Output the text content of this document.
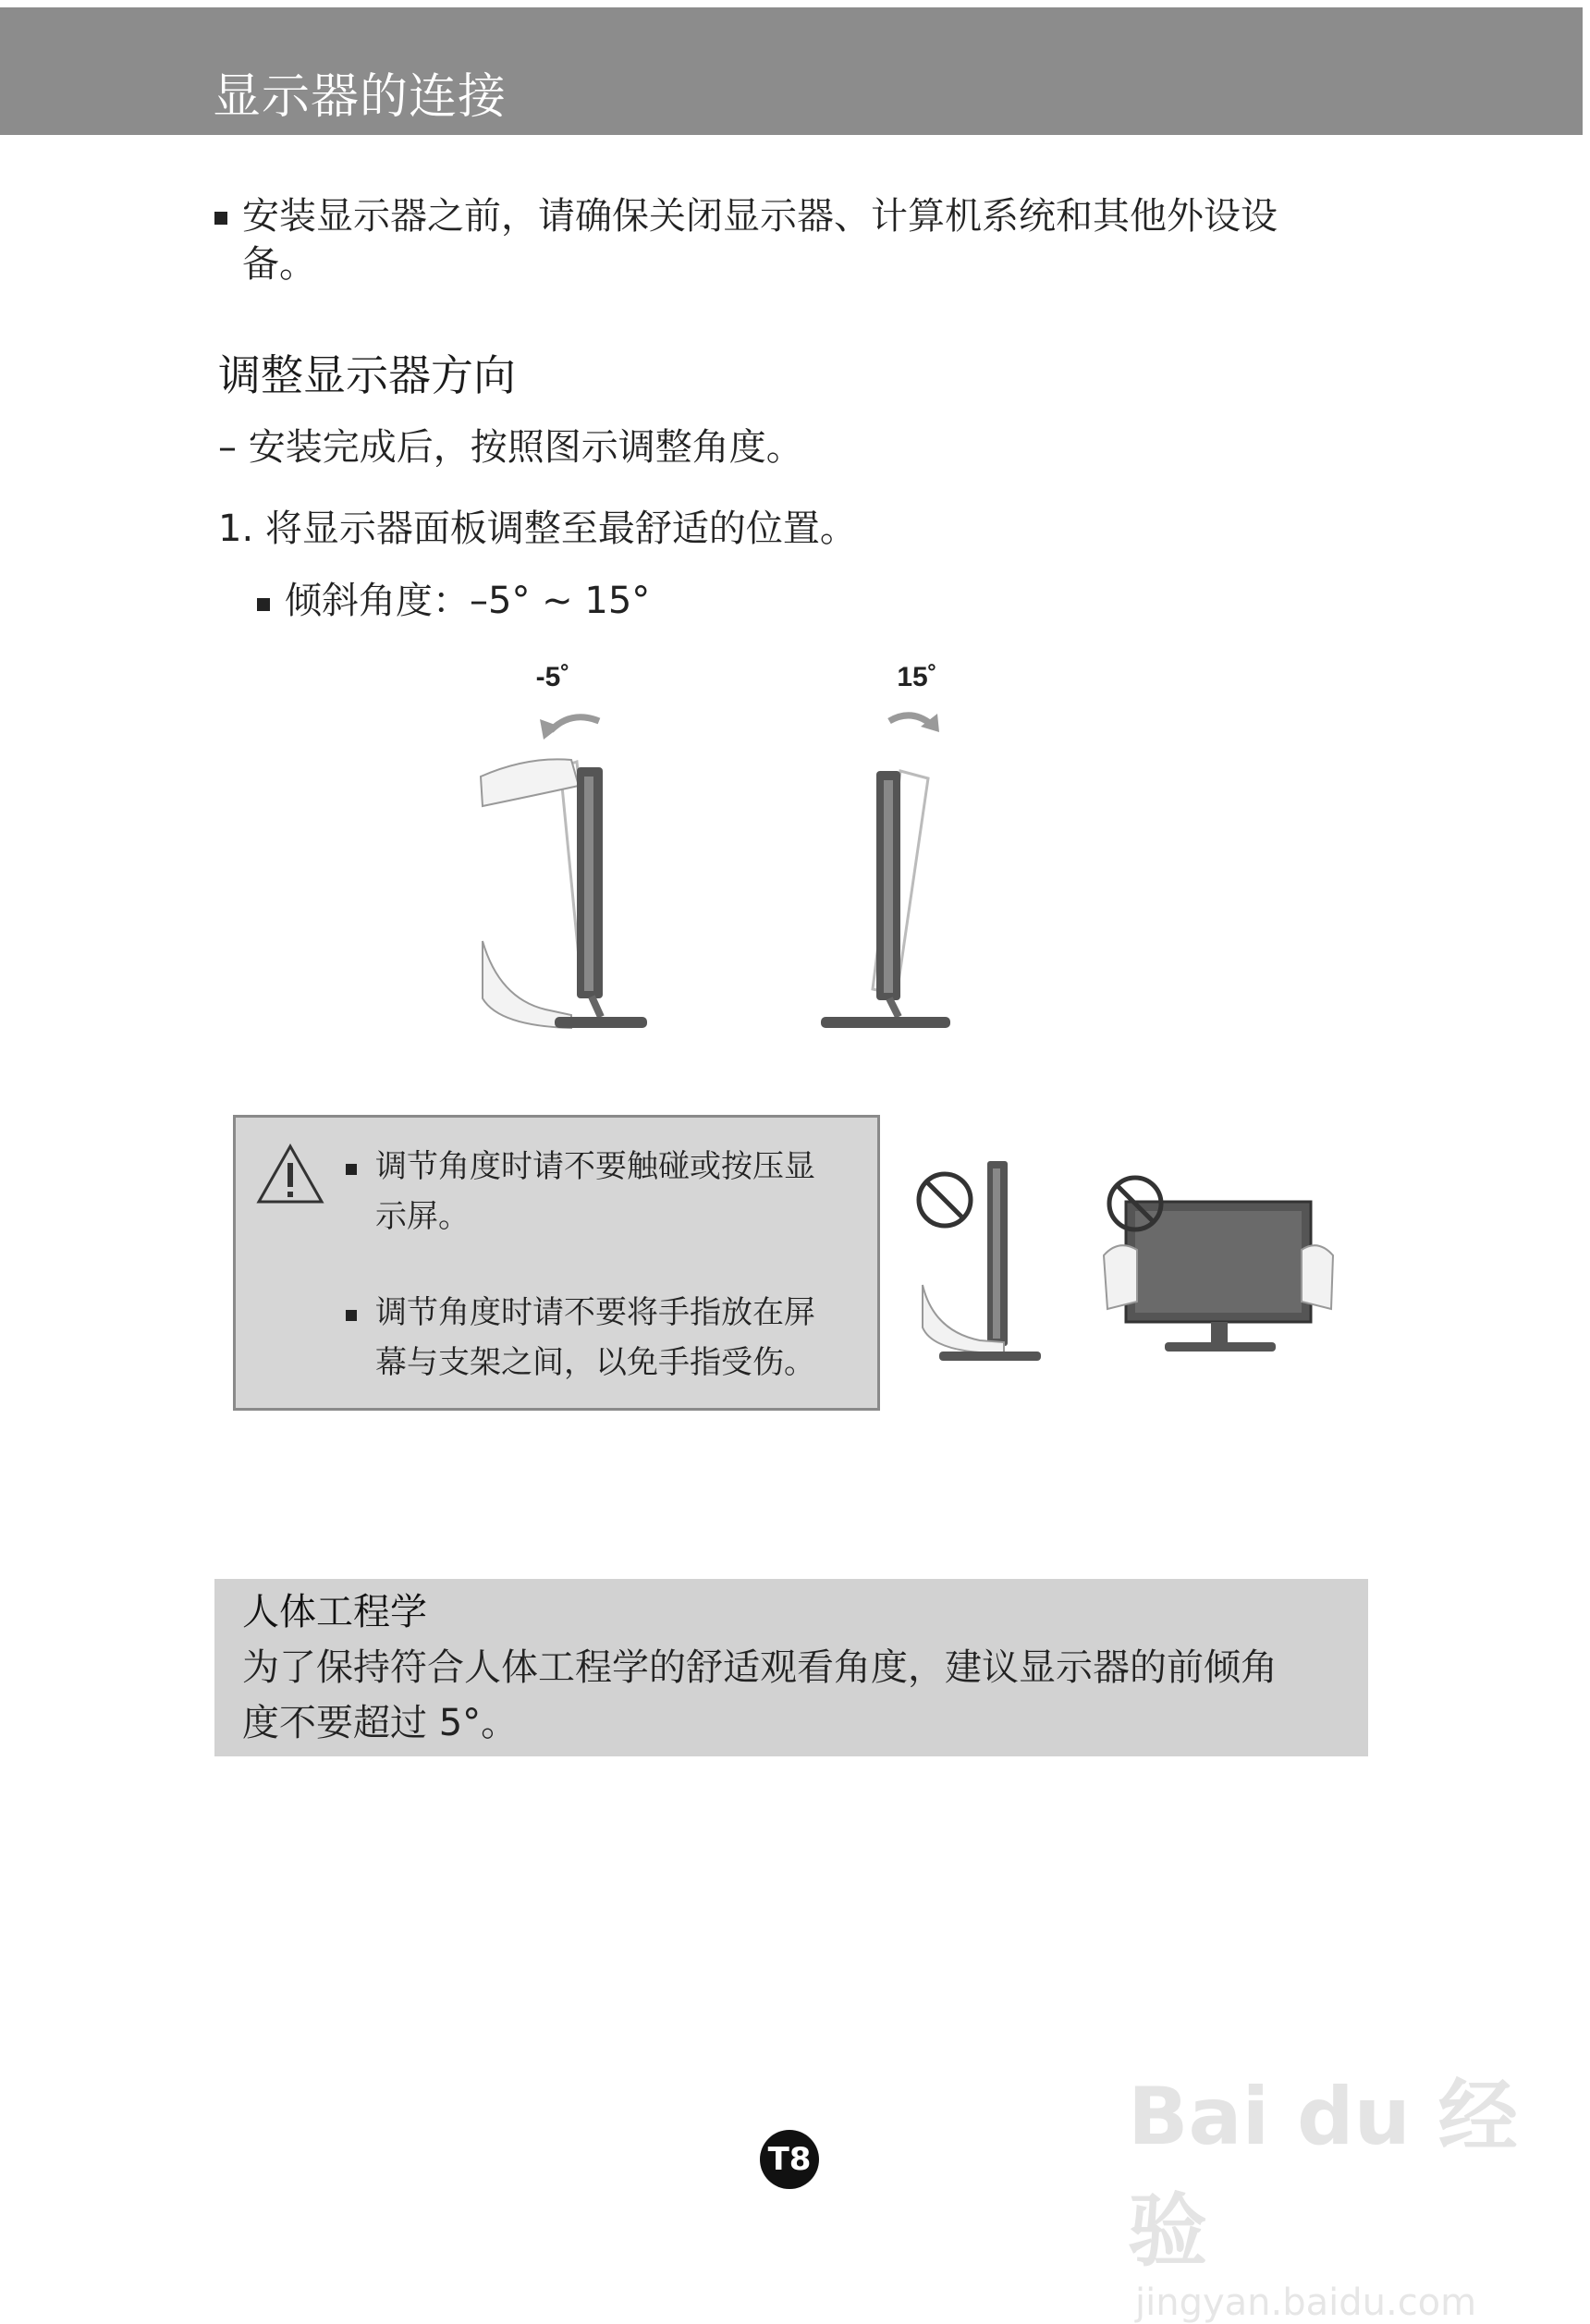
显示器的连接
安装显示器之前，请确保关闭显示器、计算机系统和其他外设设
备。
调整显示器方向
– 安装完成后，按照图示调整角度。
1. 将显示器面板调整至最舒适的位置。
倾斜角度：–5° ~ 15°
-5˚	15˚
调节角度时请不要触碰或按压显
示屏。
调节角度时请不要将手指放在屏
幕与支架之间，以免手指受伤。
人体工程学
为了保持符合人体工程学的舒适观看角度，建议显示器的前倾角
度不要超过 5°。
T8	Bai du 经验
jingyan.baidu.com
